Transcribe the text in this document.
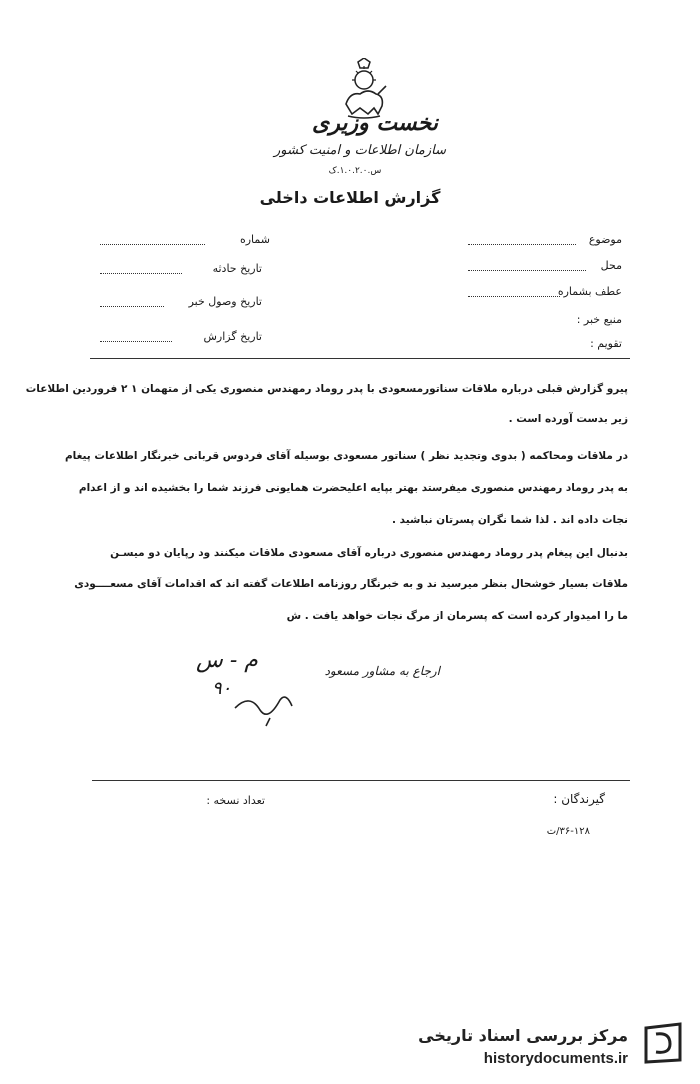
نخست وزیری
سازمان اطلاعات و امنیت کشور
س.۱.۰.۲.۰.ک
گزارش اطلاعات داخلی
موضوع
محل
عطف بشماره
منبع خبر :
تقویم :
شماره
تاریخ حادثه
تاریخ وصول خبر
تاریخ گزارش
پیرو گزارش قبلی درباره ملاقات سناتورمسعودی با پدر روماد رمهندس منصوری یکی از متهمان ۱ ۲ فروردین اطلاعات
زیر بدست آورده است .
در ملاقات ومحاکمه ( بدوی وتجدید نظر ) سناتور مسعودی بوسیله آقای فردوس قربانی خبرنگار اطلاعات پیغام
به پدر روماد رمهندس منصوری میفرستد بهتر بپایه اعلیحضرت همایونی فرزند شما را بخشیده اند و از اعدام
نجات داده اند . لذا شما نگران پسرتان نباشید .
بدنبال این پیغام پدر روماد رمهندس منصوری درباره آقای مسعودی ملاقات میکنند ود رپایان دو میسـن
ملاقات بسیار خوشحال بنظر میرسید ند و به خبرنگار روزنامه اطلاعات گفته اند که اقدامات آقای مسعــــودی
ما را امیدوار کرده است که پسرمان از مرگ نجات خواهد یافت . ش
ارجاع به مشاور مسعود
م - س
۹۰
گیرندگان :
تعداد نسخه :
۳۶-۱۲۸/ت
مرکز بررسی اسناد تاریخی
historydocuments.ir
